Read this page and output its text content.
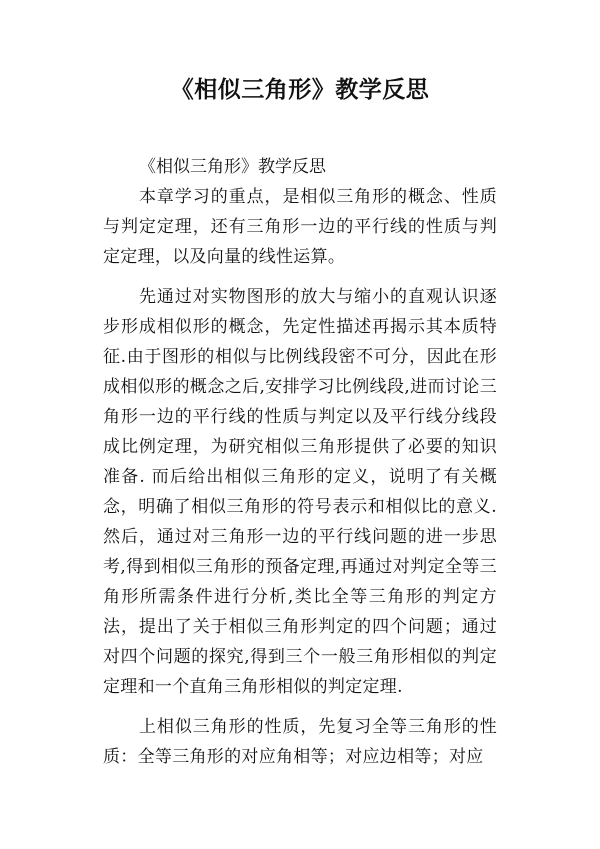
《相似三角形》教学反思

《相似三角形》教学反思

本章学习的重点，是相似三角形的概念、性质与判定定理，还有三角形一边的平行线的性质与判定定理，以及向量的线性运算。

先通过对实物图形的放大与缩小的直观认识逐步形成相似形的概念，先定性描述再揭示其本质特征.由于图形的相似与比例线段密不可分，因此在形成相似形的概念之后,安排学习比例线段,进而讨论三角形一边的平行线的性质与判定以及平行线分线段成比例定理，为研究相似三角形提供了必要的知识准备. 而后给出相似三角形的定义，说明了有关概念，明确了相似三角形的符号表示和相似比的意义.然后，通过对三角形一边的平行线问题的进一步思考,得到相似三角形的预备定理,再通过对判定全等三角形所需条件进行分析,类比全等三角形的判定方法，提出了关于相似三角形判定的四个问题；通过对四个问题的探究,得到三个一般三角形相似的判定定理和一个直角三角形相似的判定定理.

上相似三角形的性质，先复习全等三角形的性质：全等三角形的对应角相等；对应边相等；对应
